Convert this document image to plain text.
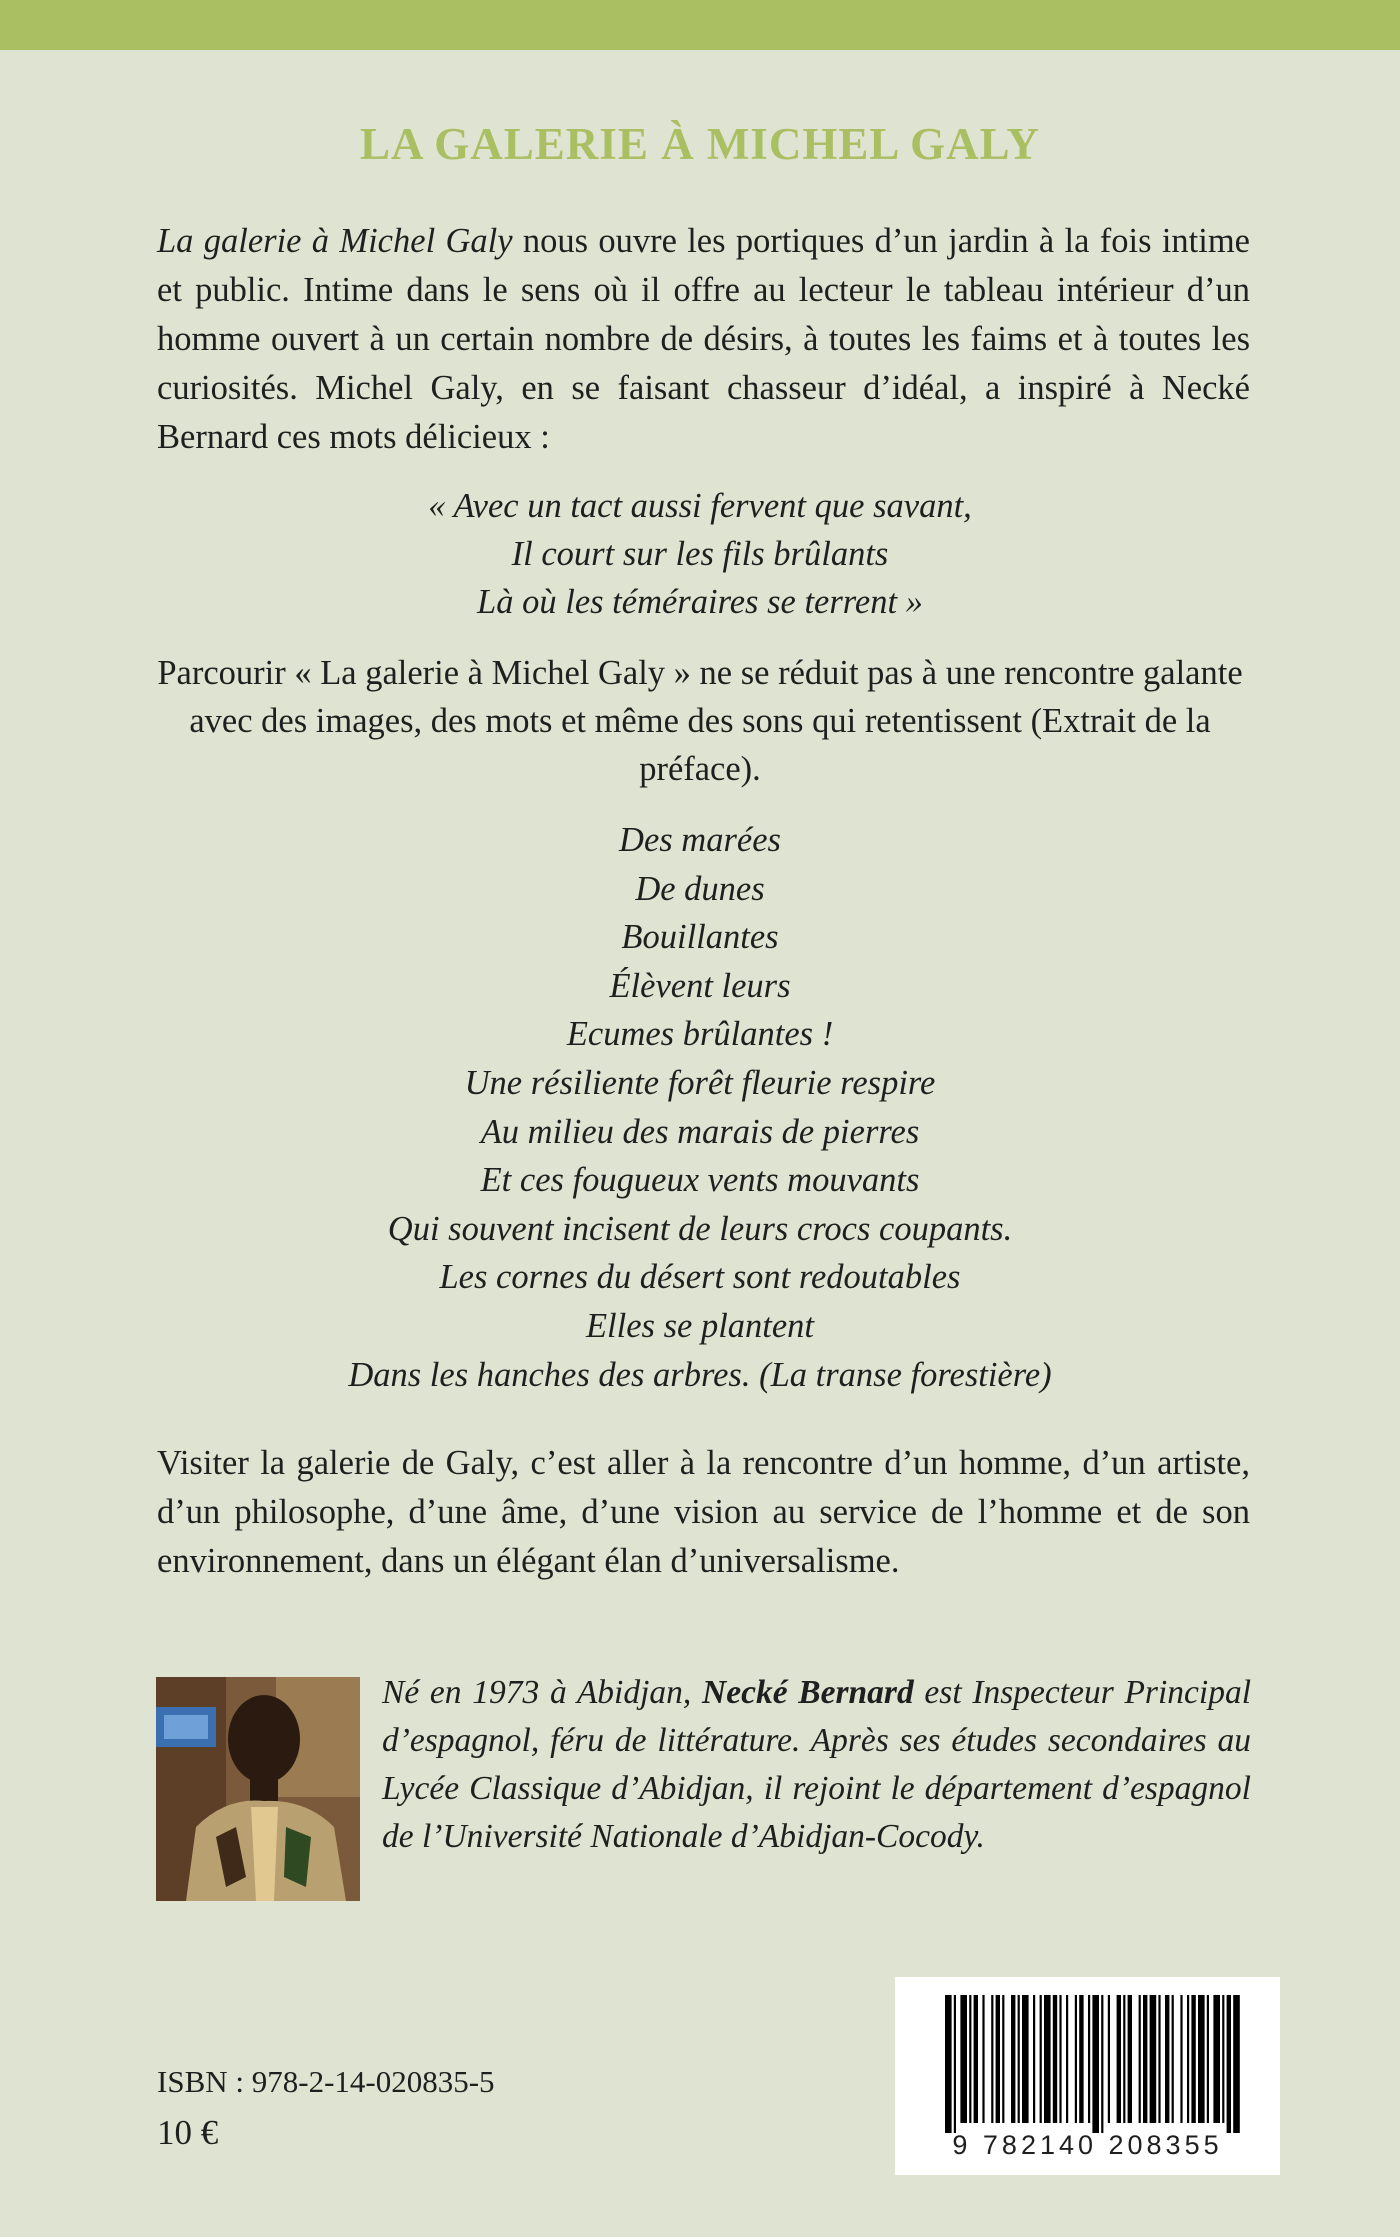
LA GALERIE À MICHEL GALY
La galerie à Michel Galy nous ouvre les portiques d’un jardin à la fois intime et public. Intime dans le sens où il offre au lecteur le tableau intérieur d’un homme ouvert à un certain nombre de désirs, à toutes les faims et à toutes les curiosités. Michel Galy, en se faisant chasseur d’idéal, a inspiré à Necké Bernard ces mots délicieux :
« Avec un tact aussi fervent que savant,
Il court sur les fils brûlants
Là où les téméraires se terrent »
Parcourir « La galerie à Michel Galy » ne se réduit pas à une rencontre galante avec des images, des mots et même des sons qui retentissent (Extrait de la préface).
Des marées
De dunes
Bouillantes
Élèvent leurs
Ecumes brûlantes !
Une résiliente forêt fleurie respire
Au milieu des marais de pierres
Et ces fougueux vents mouvants
Qui souvent incisent de leurs crocs coupants.
Les cornes du désert sont redoutables
Elles se plantent
Dans les hanches des arbres. (La transe forestière)
Visiter la galerie de Galy, c’est aller à la rencontre d’un homme, d’un artiste, d’un philosophe, d’une âme, d’une vision au service de l’homme et de son environnement, dans un élégant élan d’universalisme.
Né en 1973 à Abidjan, Necké Bernard est Inspecteur Principal d’espagnol, féru de littérature. Après ses études secondaires au Lycée Classique d’Abidjan, il rejoint le département d’espagnol de l’Université Nationale d’Abidjan-Cocody.
ISBN : 978-2-14-020835-5
10 €	9 782140 208355
